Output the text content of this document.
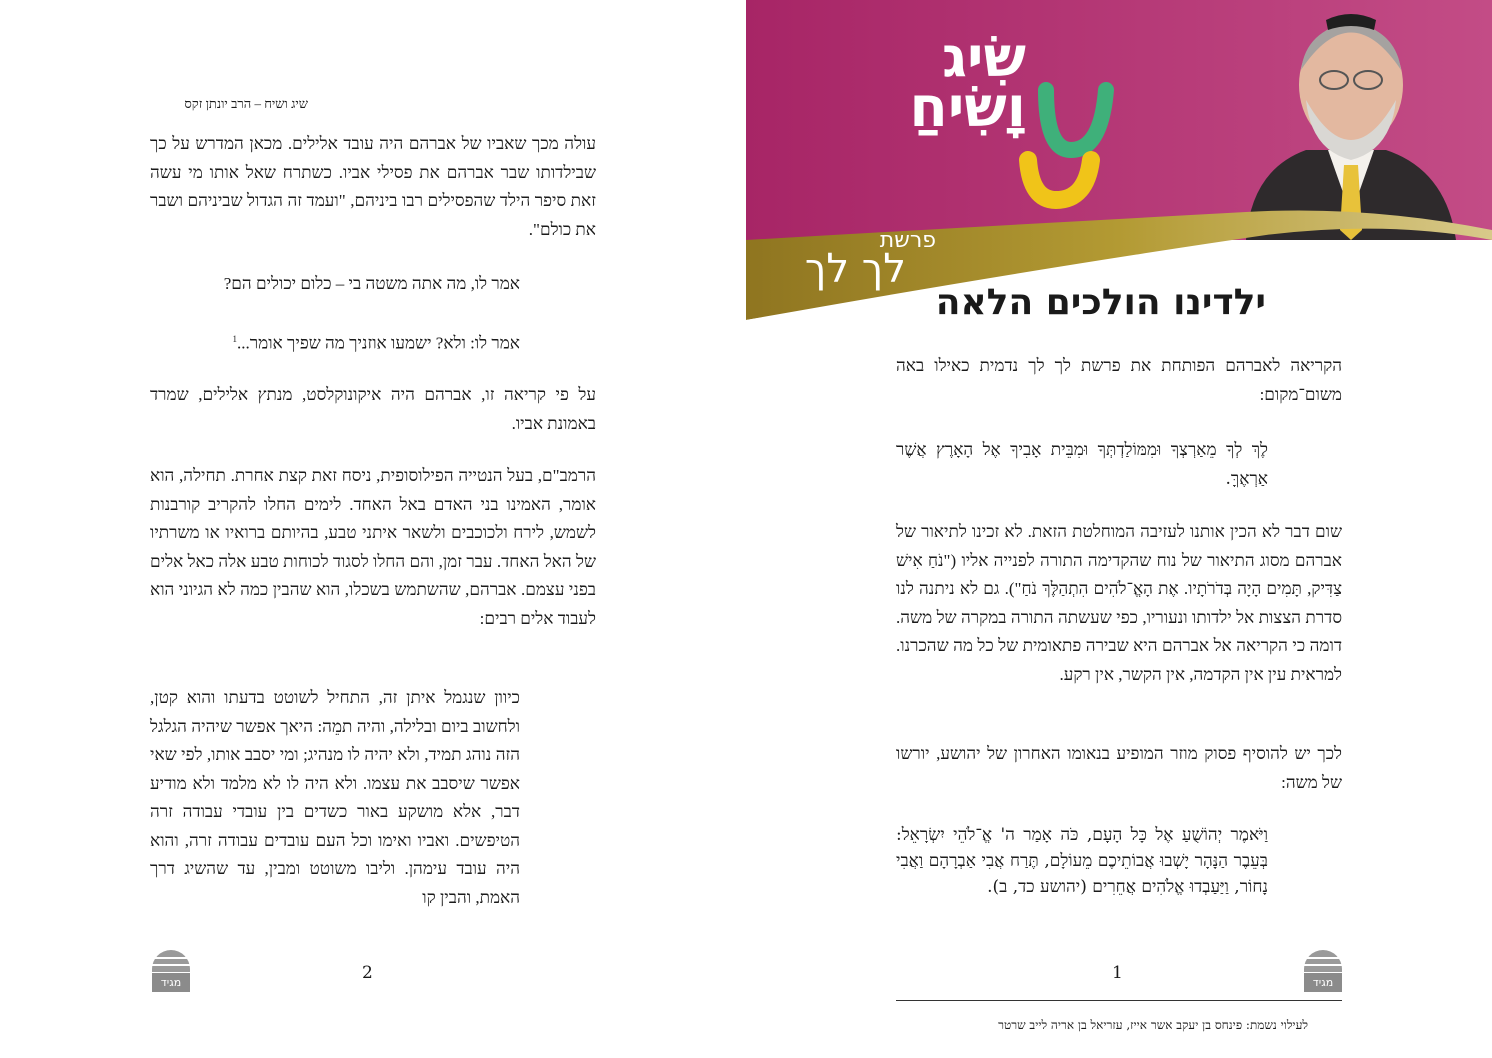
שיג ושיח – הרב יונתן זקס
עולה מכך שאביו של אברהם היה עובד אלילים. מכאן המדרש על כך שבילדותו שבר אברהם את פסילי אביו. כשתרח שאל אותו מי עשה זאת סיפר הילד שהפסילים רבו ביניהם, "ועמד זה הגדול שביניהם ושבר את כולם".
אמר לו, מה אתה משטה בי – כלום יכולים הם?
אמר לו: ולא? ישמעו אוזניך מה שפיך אומר...$^1$
על פי קריאה זו, אברהם היה איקונוקלסט, מנתץ אלילים, שמרד באמונת אביו.
הרמב"ם, בעל הנטייה הפילוסופית, ניסח זאת קצת אחרת. תחילה, הוא אומר, האמינו בני האדם באל האחד. לימים החלו להקריב קורבנות לשמש, לירח ולכוכבים ולשאר איתני טבע, בהיותם ברואיו או משרתיו של האל האחד. עבר זמן, והם החלו לסגוד לכוחות טבע אלה כאל אלים בפני עצמם. אברהם, שהשתמש בשכלו, הוא שהבין כמה לא הגיוני הוא לעבוד אלים רבים:
כיוון שנגמל איתן זה, התחיל לשוטט בדעתו והוא קטן, ולחשוב ביום ובלילה, והיה תמֵה: היאך אפשר שיהיה הגלגל הזה נוהג תמיד, ולא יהיה לו מנהיג; ומי יסבב אותו, לפי שאי אפשר שיסבב את עצמו. ולא היה לו לא מלמד ולא מודיע דבר, אלא מושקע באור כשדים בין עובדי עבודה זרה הטיפשים. ואביו ואימו וכל העם עובדים עבודה זרה, והוא היה עובד עימהן. וליבו משוטט ומבין, עד שהשיג דרך האמת, והבין קו
מגיד	2
שִׂיג
וָשִׂיחַ
פרשת
לך לך
ילדינו הולכים הלאה
הקריאה לאברהם הפותחת את פרשת לך לך נדמית כאילו באה משום־מקום:
לֶךְ לְךָ מֵאַרְצְךָ וּמִמּוֹלַדְתְּךָ וּמִבֵּית אָבִיךָ אֶל הָאָרֶץ אֲשֶׁר אַרְאֶךָּ.
שום דבר לא הכין אותנו לעזיבה המוחלטת הזאת. לא זכינו לתיאור של אברהם מסוג התיאור של נוח שהקדימה התורה לפנייה אליו ("נֹחַ אִישׁ צַדִּיק, תָּמִים הָיָה בְּדֹרֹתָיו. אֶת הָאֱ־לֹהִים הִתְהַלֶּךְ נֹחַ"). גם לא ניתנה לנו סדרת הצצות אל ילדותו ונעוריו, כפי שעשתה התורה במקרה של משה. דומה כי הקריאה אל אברהם היא שבירה פתאומית של כל מה שהכרנו. למראית עין אין הקדמה, אין הקשר, אין רקע.
לכך יש להוסיף פסוק מוזר המופיע בנאומו האחרון של יהושע, יורשו של משה:
וַיֹּאמֶר יְהוֹשֻׁעַ אֶל כָּל הָעָם, כֹּה אָמַר ה' אֱ־לֹהֵי יִשְׂרָאֵל: בְּעֵבֶר הַנָּהָר יָשְׁבוּ אֲבוֹתֵיכֶם מֵעוֹלָם, תֶּרַח אֲבִי אַבְרָהָם וַאֲבִי נָחוֹר, וַיַּעַבְדוּ אֱלֹהִים אֲחֵרִים (יהושע כד, ב).
1	מגיד
לעילוי נשמת: פינחס בן יעקב אשר אייז, עזריאל בן אריה לייב שרטר
